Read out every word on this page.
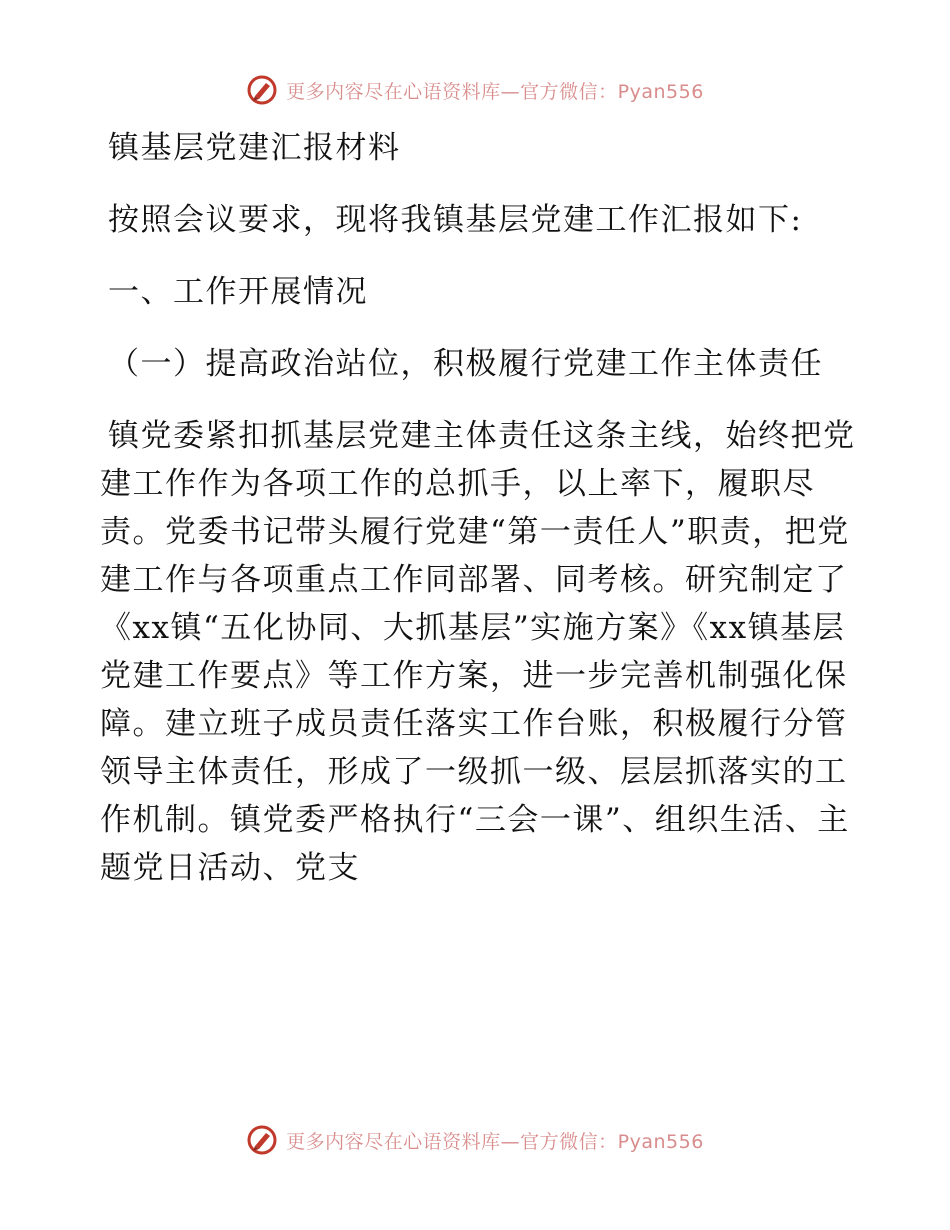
更多内容尽在心语资料库—官方微信：Pyan556

镇基层党建汇报材料

按照会议要求，现将我镇基层党建工作汇报如下:

一、工作开展情况

（一）提高政治站位，积极履行党建工作主体责任

镇党委紧扣抓基层党建主体责任这条主线，始终把党建工作作为各项工作的总抓手，以上率下，履职尽责。党委书记带头履行党建“第一责任人”职责，把党建工作与各项重点工作同部署、同考核。研究制定了《xx镇“五化协同、大抓基层”实施方案》《xx镇基层党建工作要点》等工作方案，进一步完善机制强化保障。建立班子成员责任落实工作台账，积极履行分管领导主体责任，形成了一级抓一级、层层抓落实的工作机制。镇党委严格执行“三会一课”、组织生活、主题党日活动、党支

更多内容尽在心语资料库—官方微信：Pyan556
